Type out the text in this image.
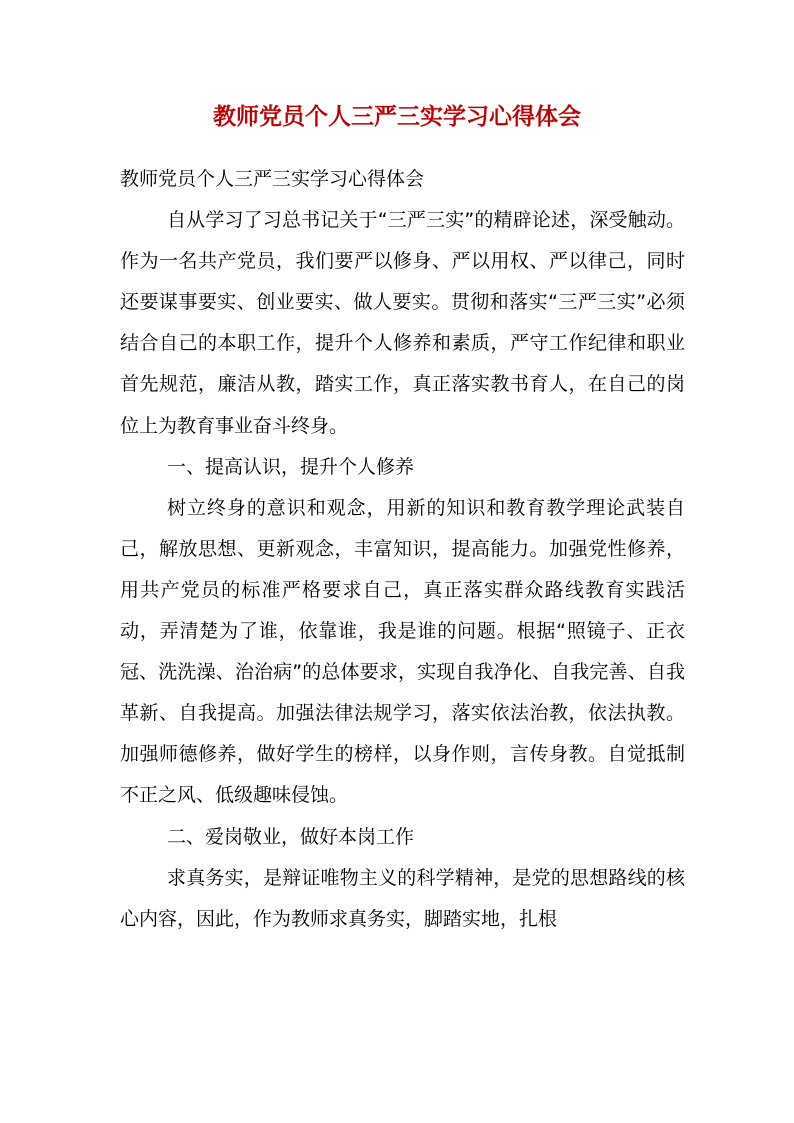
教师党员个人三严三实学习心得体会

教师党员个人三严三实学习心得体会

自从学习了习总书记关于“三严三实”的精辟论述，深受触动。作为一名共产党员，我们要严以修身、严以用权、严以律己，同时还要谋事要实、创业要实、做人要实。贯彻和落实“三严三实”必须结合自己的本职工作，提升个人修养和素质，严守工作纪律和职业首先规范，廉洁从教，踏实工作，真正落实教书育人，在自己的岗位上为教育事业奋斗终身。

一、提高认识，提升个人修养

树立终身的意识和观念，用新的知识和教育教学理论武装自己，解放思想、更新观念，丰富知识，提高能力。加强党性修养，用共产党员的标准严格要求自己，真正落实群众路线教育实践活动，弄清楚为了谁，依靠谁，我是谁的问题。根据“照镜子、正衣冠、洗洗澡、治治病”的总体要求，实现自我净化、自我完善、自我革新、自我提高。加强法律法规学习，落实依法治教，依法执教。加强师德修养，做好学生的榜样，以身作则，言传身教。自觉抵制不正之风、低级趣味侵蚀。

二、爱岗敬业，做好本岗工作

求真务实，是辩证唯物主义的科学精神，是党的思想路线的核心内容，因此，作为教师求真务实，脚踏实地，扎根
